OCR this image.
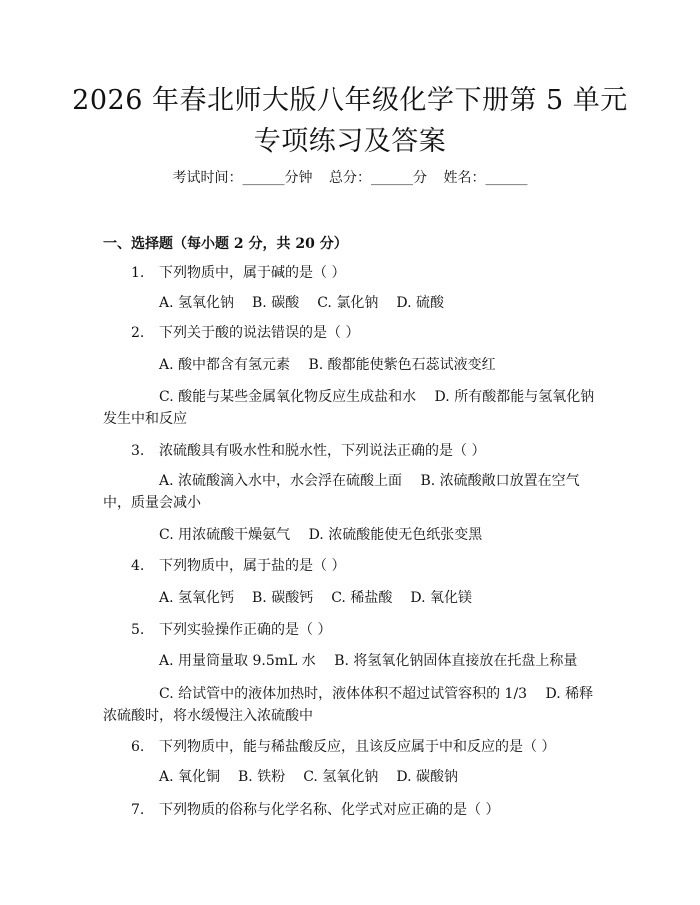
2026 年春北师大版八年级化学下册第 5 单元
专项练习及答案
考试时间：______分钟 总分：______分 姓名：______
一、选择题（每小题 2 分，共 20 分）
1. 下列物质中，属于碱的是（ ）
A. 氢氧化钠 B. 碳酸 C. 氯化钠 D. 硫酸
2. 下列关于酸的说法错误的是（ ）
A. 酸中都含有氢元素　 B. 酸都能使紫色石蕊试液变红
C. 酸能与某些金属氧化物反应生成盐和水　 D. 所有酸都能与氢氧化钠发生中和反应
3. 浓硫酸具有吸水性和脱水性，下列说法正确的是（ ）
A. 浓硫酸滴入水中，水会浮在硫酸上面　 B. 浓硫酸敞口放置在空气中，质量会减小
C. 用浓硫酸干燥氨气　 D. 浓硫酸能使无色纸张变黑
4. 下列物质中，属于盐的是（ ）
A. 氢氧化钙 B. 碳酸钙 C. 稀盐酸 D. 氧化镁
5. 下列实验操作正确的是（ ）
A. 用量筒量取 9.5mL 水　 B. 将氢氧化钠固体直接放在托盘上称量
C. 给试管中的液体加热时，液体体积不超过试管容积的 1/3　 D. 稀释浓硫酸时，将水缓慢注入浓硫酸中
6. 下列物质中，能与稀盐酸反应，且该反应属于中和反应的是（ ）
A. 氧化铜 B. 铁粉 C. 氢氧化钠 D. 碳酸钠
7. 下列物质的俗称与化学名称、化学式对应正确的是（ ）
